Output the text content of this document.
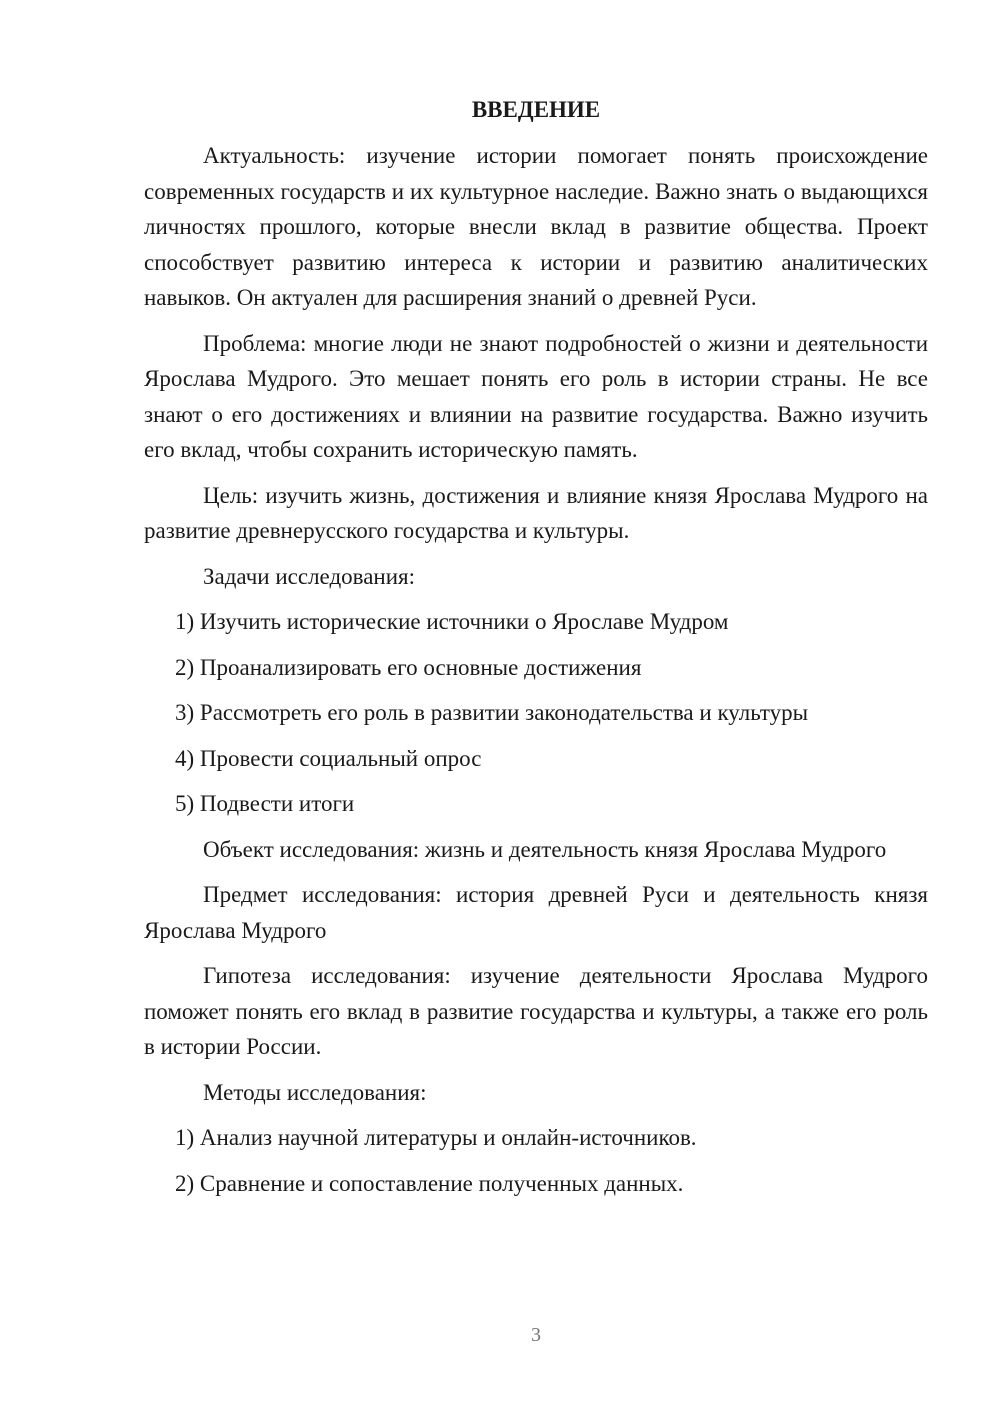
ВВЕДЕНИЕ

Актуальность: изучение истории помогает понять происхождение современных государств и их культурное наследие. Важно знать о выдающихся личностях прошлого, которые внесли вклад в развитие общества. Проект способствует развитию интереса к истории и развитию аналитических навыков. Он актуален для расширения знаний о древней Руси.

Проблема: многие люди не знают подробностей о жизни и деятельности Ярослава Мудрого. Это мешает понять его роль в истории страны. Не все знают о его достижениях и влиянии на развитие государства. Важно изучить его вклад, чтобы сохранить историческую память.

Цель: изучить жизнь, достижения и влияние князя Ярослава Мудрого на развитие древнерусского государства и культуры.

Задачи исследования:

1) Изучить исторические источники о Ярославе Мудром
2) Проанализировать его основные достижения
3) Рассмотреть его роль в развитии законодательства и культуры
4) Провести социальный опрос
5) Подвести итоги

Объект исследования: жизнь и деятельность князя Ярослава Мудрого

Предмет исследования: история древней Руси и деятельность князя Ярослава Мудрого

Гипотеза исследования: изучение деятельности Ярослава Мудрого поможет понять его вклад в развитие государства и культуры, а также его роль в истории России.

Методы исследования:

1) Анализ научной литературы и онлайн-источников.
2) Сравнение и сопоставление полученных данных.
3
